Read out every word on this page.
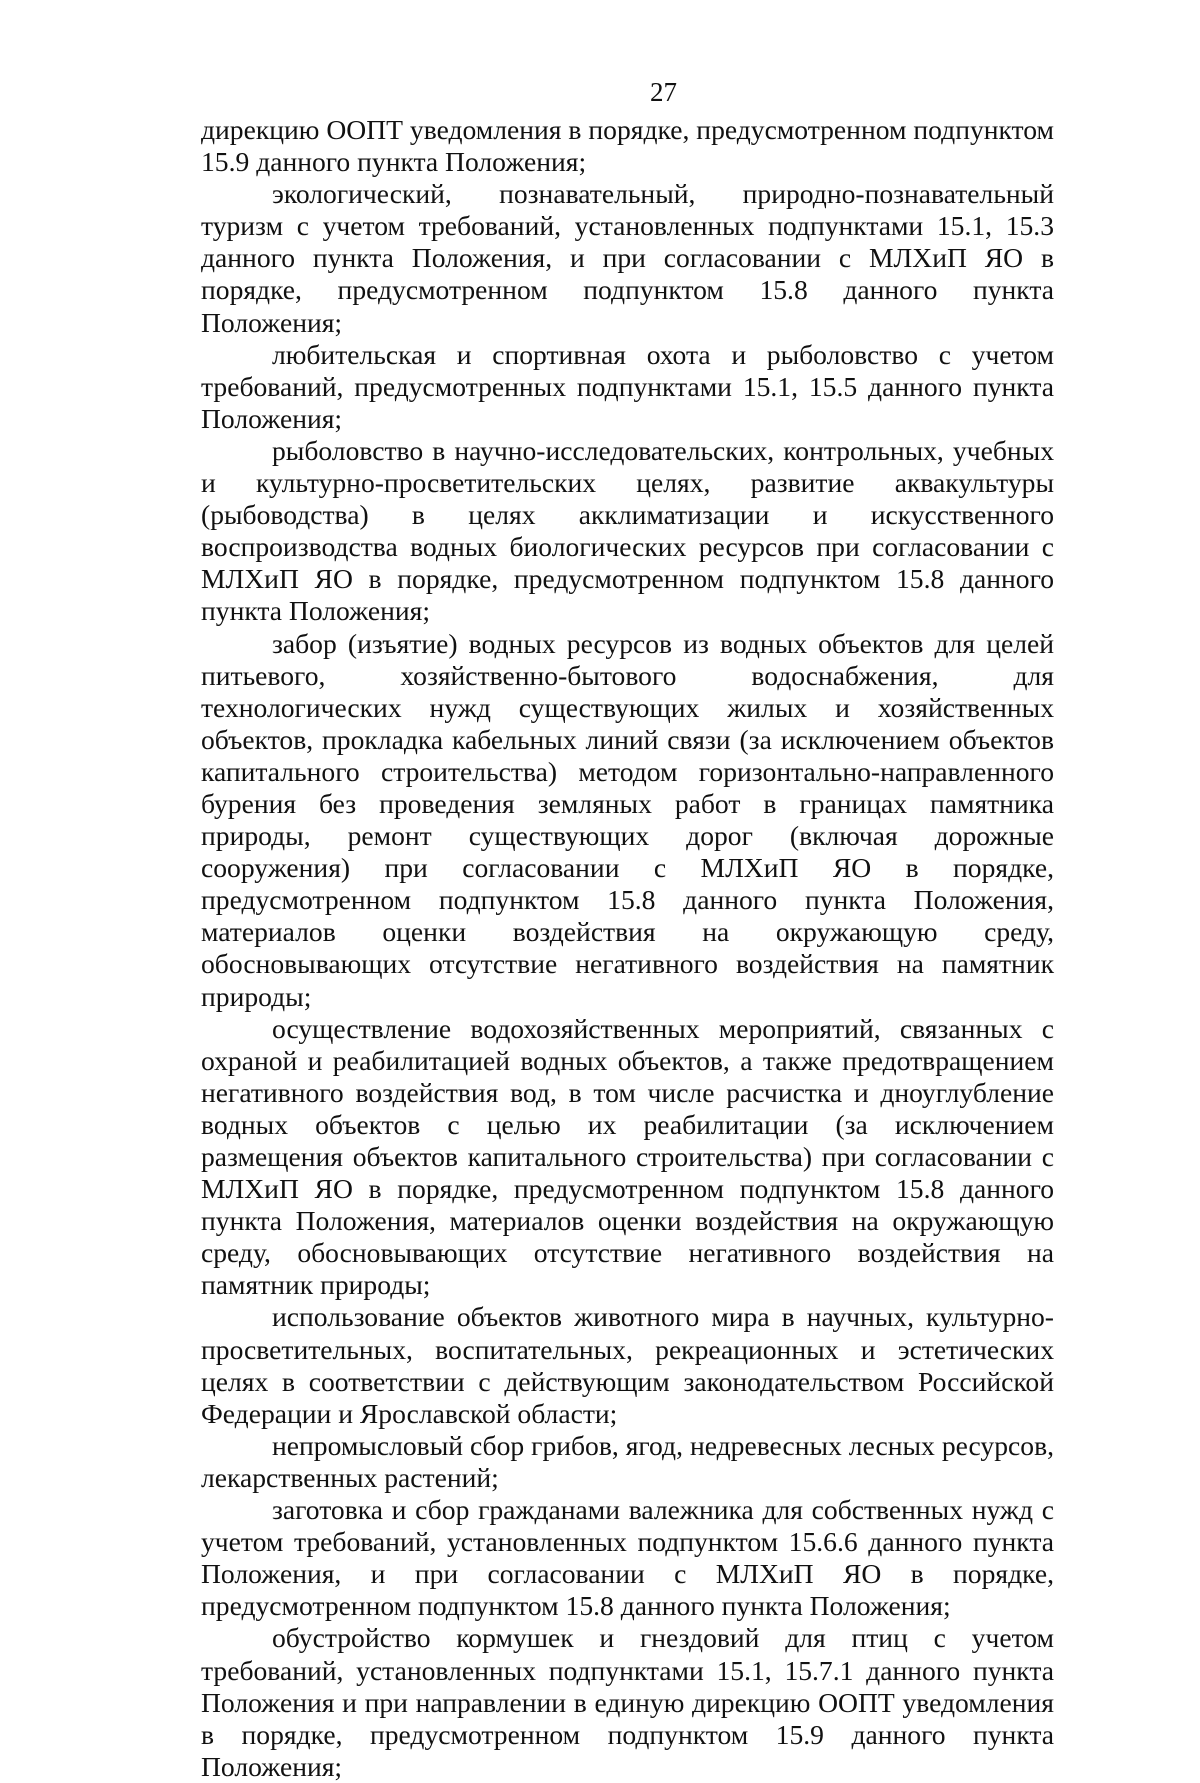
27

дирекцию ООПТ уведомления в порядке, предусмотренном подпунктом 15.9 данного пункта Положения;

экологический, познавательный, природно-познавательный туризм с учетом требований, установленных подпунктами 15.1, 15.3 данного пункта Положения, и при согласовании с МЛХиП ЯО в порядке, предусмотренном подпунктом 15.8 данного пункта Положения;

любительская и спортивная охота и рыболовство с учетом требований, предусмотренных подпунктами 15.1, 15.5 данного пункта Положения;

рыболовство в научно-исследовательских, контрольных, учебных и культурно-просветительских целях, развитие аквакультуры (рыбоводства) в целях акклиматизации и искусственного воспроизводства водных биологических ресурсов при согласовании с МЛХиП ЯО в порядке, предусмотренном подпунктом 15.8 данного пункта Положения;

забор (изъятие) водных ресурсов из водных объектов для целей питьевого, хозяйственно-бытового водоснабжения, для технологических нужд существующих жилых и хозяйственных объектов, прокладка кабельных линий связи (за исключением объектов капитального строительства) методом горизонтально-направленного бурения без проведения земляных работ в границах памятника природы, ремонт существующих дорог (включая дорожные сооружения) при согласовании с МЛХиП ЯО в порядке, предусмотренном подпунктом 15.8 данного пункта Положения, материалов оценки воздействия на окружающую среду, обосновывающих отсутствие негативного воздействия на памятник природы;

осуществление водохозяйственных мероприятий, связанных с охраной и реабилитацией водных объектов, а также предотвращением негативного воздействия вод, в том числе расчистка и дноуглубление водных объектов с целью их реабилитации (за исключением размещения объектов капитального строительства) при согласовании с МЛХиП ЯО в порядке, предусмотренном подпунктом 15.8 данного пункта Положения, материалов оценки воздействия на окружающую среду, обосновывающих отсутствие негативного воздействия на памятник природы;

использование объектов животного мира в научных, культурно-просветительных, воспитательных, рекреационных и эстетических целях в соответствии с действующим законодательством Российской Федерации и Ярославской области;

непромысловый сбор грибов, ягод, недревесных лесных ресурсов, лекарственных растений;

заготовка и сбор гражданами валежника для собственных нужд с учетом требований, установленных подпунктом 15.6.6 данного пункта Положения, и при согласовании с МЛХиП ЯО в порядке, предусмотренном подпунктом 15.8 данного пункта Положения;

обустройство кормушек и гнездовий для птиц с учетом требований, установленных подпунктами 15.1, 15.7.1 данного пункта Положения и при направлении в единую дирекцию ООПТ уведомления в порядке, предусмотренном подпунктом 15.9 данного пункта Положения;
